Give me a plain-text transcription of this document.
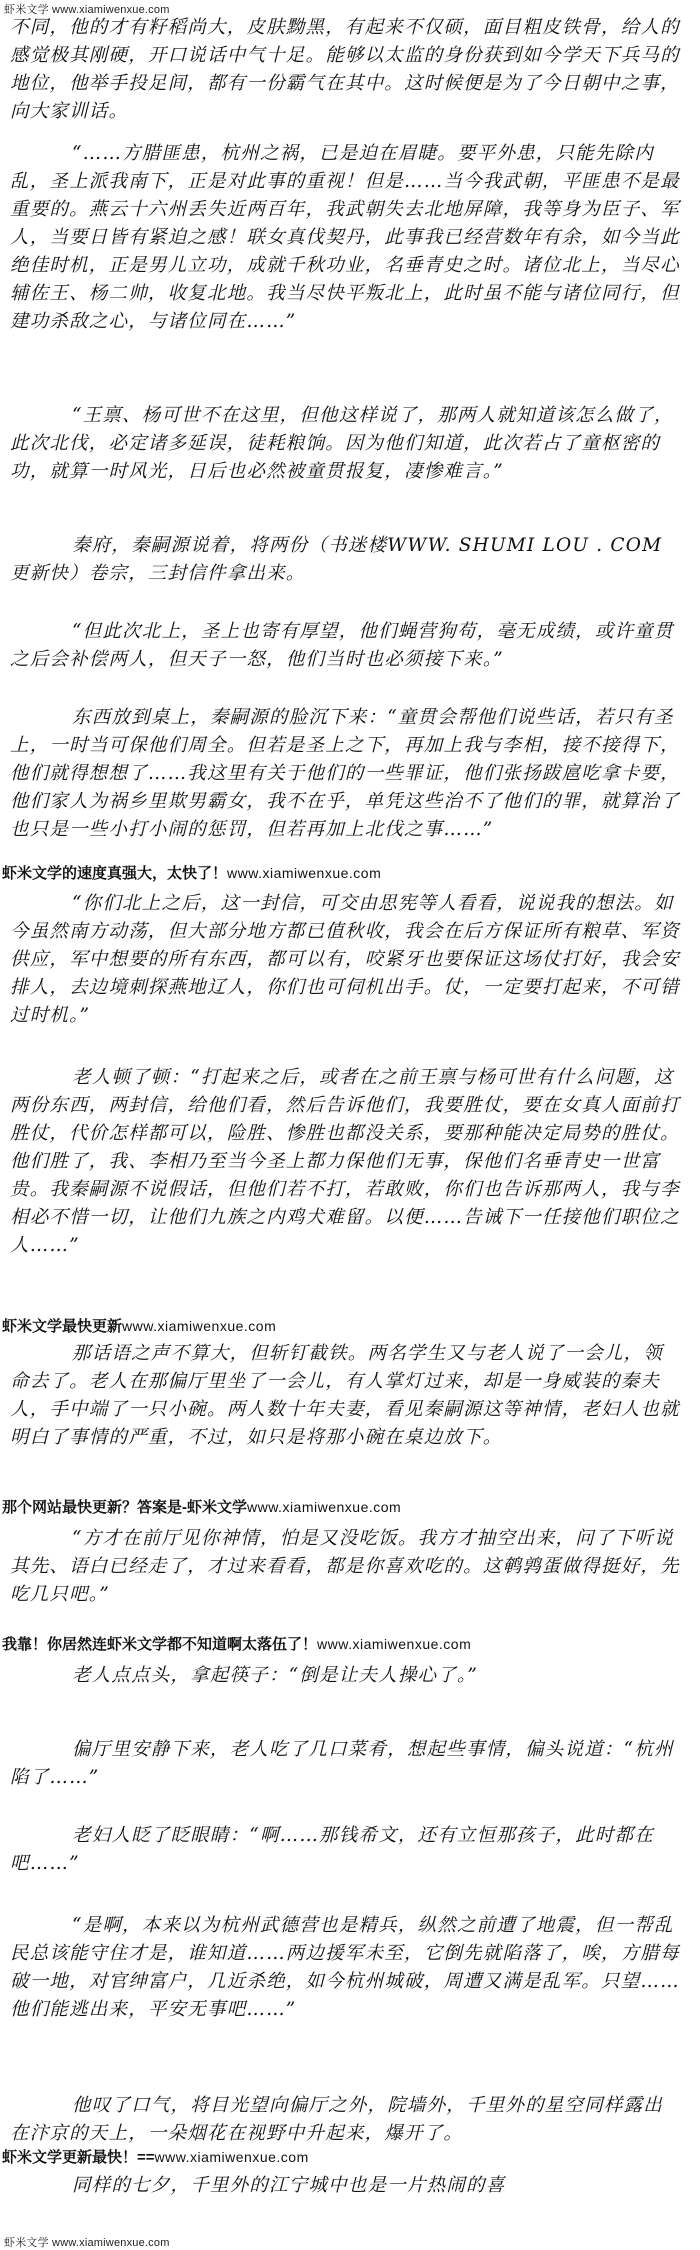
虾米文学 www.xiamiwenxue.com

不同，他的才有籽稻尚大，皮肤黝黑，有起来不仅硕，面目粗皮铁骨，给人的感觉极其刚硬，开口说话中气十足。能够以太监的身份获到如今学天下兵马的地位，他举手投足间，都有一份霸气在其中。这时候便是为了今日朝中之事，向大家训话。

“……方腊匪患，杭州之祸，已是迫在眉睫。要平外患，只能先除内乱，圣上派我南下，正是对此事的重视！但是……当今我武朝，平匪患不是最重要的。燕云十六州丢失近两百年，我武朝失去北地屏障，我等身为臣子、军人，当要日皆有紧迫之感！联女真伐契丹，此事我已经营数年有余，如今当此绝佳时机，正是男儿立功，成就千秋功业，名垂青史之时。诸位北上，当尽心辅佐王、杨二帅，收复北地。我当尽快平叛北上，此时虽不能与诸位同行，但建功杀敌之心，与诸位同在……”

“王禀、杨可世不在这里，但他这样说了，那两人就知道该怎么做了，此次北伐，必定诸多延误，徒耗粮饷。因为他们知道，此次若占了童枢密的功，就算一时风光，日后也必然被童贯报复，凄惨难言。”

秦府，秦嗣源说着，将两份（书迷楼WWW. SHUMI LOU . COM更新快）卷宗，三封信件拿出来。

“但此次北上，圣上也寄有厚望，他们蝇营狗苟，毫无成绩，或许童贯之后会补偿两人，但天子一怒，他们当时也必须接下来。”

东西放到桌上，秦嗣源的脸沉下来：“童贯会帮他们说些话，若只有圣上，一时当可保他们周全。但若是圣上之下，再加上我与李相，接不接得下，他们就得想想了……我这里有关于他们的一些罪证，他们张扬跋扈吃拿卡要，他们家人为祸乡里欺男霸女，我不在乎，单凭这些治不了他们的罪，就算治了也只是一些小打小闹的惩罚，但若再加上北伐之事……”

虾米文学的速度真强大，太快了！www.xiamiwenxue.com

“你们北上之后，这一封信，可交由思宪等人看看，说说我的想法。如今虽然南方动荡，但大部分地方都已值秋收，我会在后方保证所有粮草、军资供应，军中想要的所有东西，都可以有，咬紧牙也要保证这场仗打好，我会安排人，去边境刺探燕地辽人，你们也可伺机出手。仗，一定要打起来，不可错过时机。”

老人顿了顿：“打起来之后，或者在之前王禀与杨可世有什么问题，这两份东西，两封信，给他们看，然后告诉他们，我要胜仗，要在女真人面前打胜仗，代价怎样都可以，险胜、惨胜也都没关系，要那种能决定局势的胜仗。他们胜了，我、李相乃至当今圣上都力保他们无事，保他们名垂青史一世富贵。我秦嗣源不说假话，但他们若不打，若敢败，你们也告诉那两人，我与李相必不惜一切，让他们九族之内鸡犬难留。以便……告诫下一任接他们职位之人……”

虾米文学最快更新www.xiamiwenxue.com

那话语之声不算大，但斩钉截铁。两名学生又与老人说了一会儿，领命去了。老人在那偏厅里坐了一会儿，有人掌灯过来，却是一身威装的秦夫人，手中端了一只小碗。两人数十年夫妻，看见秦嗣源这等神情，老妇人也就明白了事情的严重，不过，如只是将那小碗在桌边放下。

那个网站最快更新？答案是-虾米文学www.xiamiwenxue.com

“方才在前厅见你神情，怕是又没吃饭。我方才抽空出来，问了下听说其先、语白已经走了，才过来看看，都是你喜欢吃的。这鹌鹑蛋做得挺好，先吃几只吧。”

我靠！你居然连虾米文学都不知道啊太落伍了！www.xiamiwenxue.com

老人点点头，拿起筷子：“倒是让夫人操心了。”

偏厅里安静下来，老人吃了几口菜肴，想起些事情，偏头说道：“杭州陷了……”

老妇人眨了眨眼睛：“啊……那钱希文，还有立恒那孩子，此时都在吧……”

“是啊，本来以为杭州武德营也是精兵，纵然之前遭了地震，但一帮乱民总该能守住才是，谁知道……两边援军未至，它倒先就陷落了，唉，方腊每破一地，对官绅富户，几近杀绝，如今杭州城破，周遭又满是乱军。只望……他们能逃出来，平安无事吧……”

他叹了口气，将目光望向偏厅之外，院墙外，千里外的星空同样露出在汴京的天上，一朵烟花在视野中升起来，爆开了。

虾米文学更新最快！==www.xiamiwenxue.com

同样的七夕，千里外的江宁城中也是一片热闹的喜

虾米文学 www.xiamiwenxue.com
